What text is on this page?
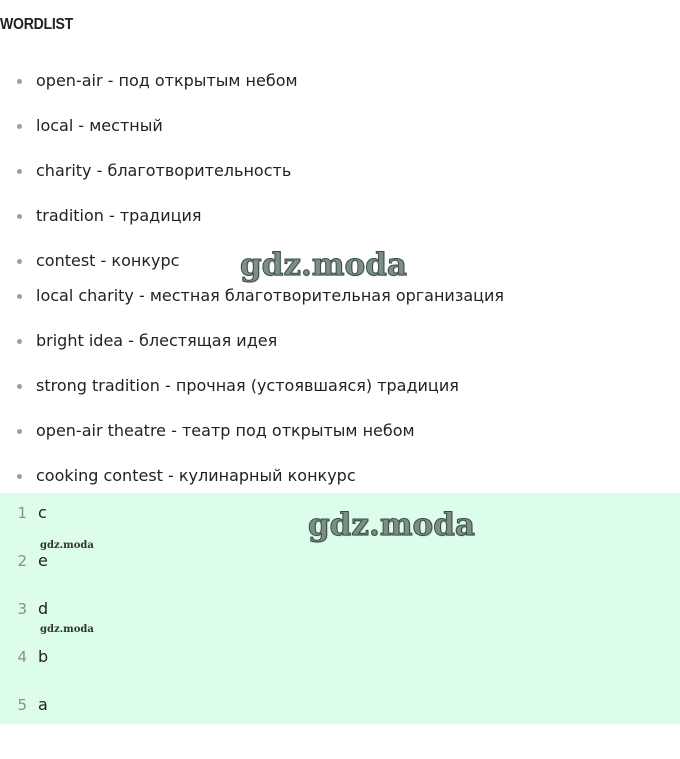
WORDLIST
open-air - под открытым небом
local - местный
charity - благотворительность
tradition - традиция
contest - конкурс
local charity - местная благотворительная организация
bright idea - блестящая идея
strong tradition - прочная (устоявшаяся) традиция
open-air theatre - театр под открытым небом
cooking contest - кулинарный конкурс
gdz.moda
1 c
2 e
3 d
4 b
5 a
gdz.moda
gdz.moda
gdz.moda
